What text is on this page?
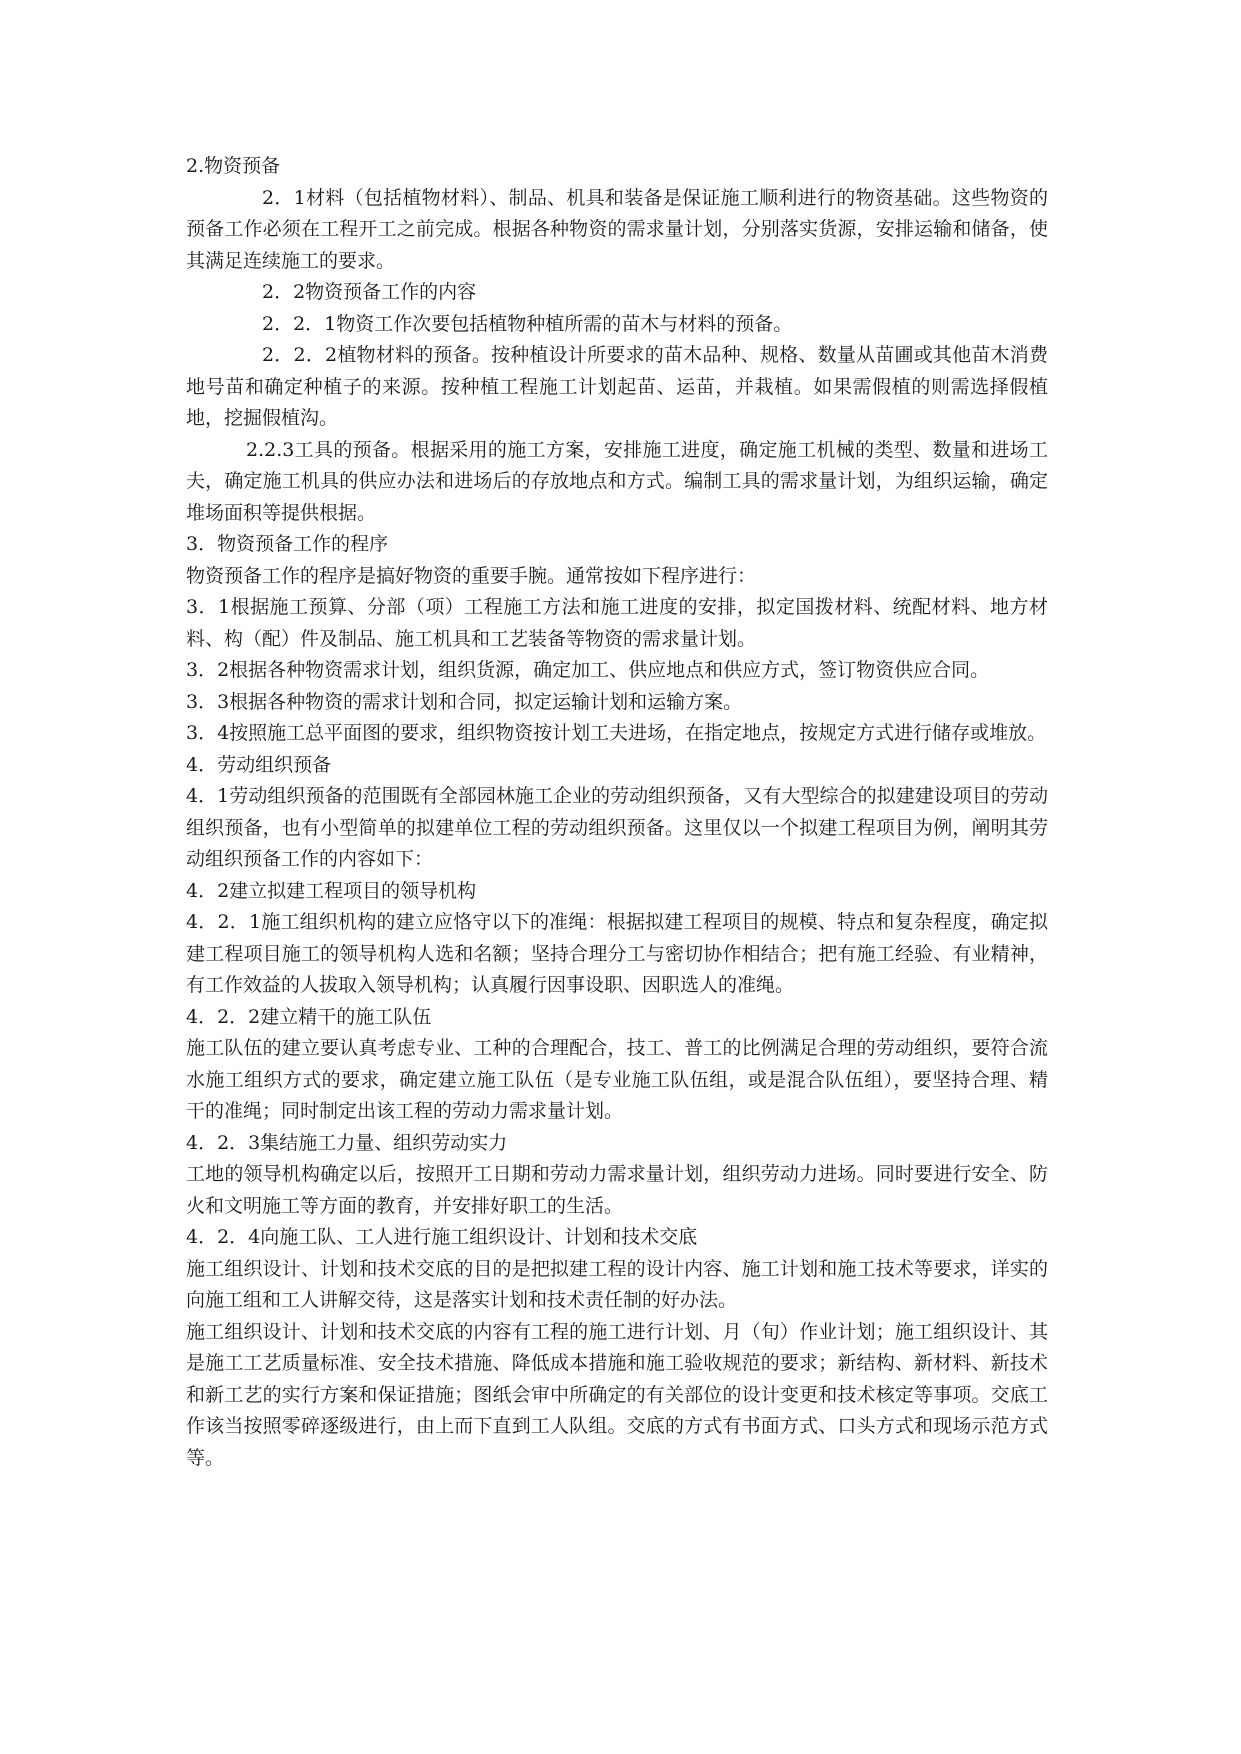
2.物资预备

2．1材料（包括植物材料）、制品、机具和装备是保证施工顺利进行的物资基础。这些物资的预备工作必须在工程开工之前完成。根据各种物资的需求量计划，分别落实货源，安排运输和储备，使其满足连续施工的要求。

2．2物资预备工作的内容

2．2．1物资工作次要包括植物种植所需的苗木与材料的预备。

2．2．2植物材料的预备。按种植设计所要求的苗木品种、规格、数量从苗圃或其他苗木消费地号苗和确定种植子的来源。按种植工程施工计划起苗、运苗，并栽植。如果需假植的则需选择假植地，挖掘假植沟。

2.2.3工具的预备。根据采用的施工方案，安排施工进度，确定施工机械的类型、数量和进场工夫，确定施工机具的供应办法和进场后的存放地点和方式。编制工具的需求量计划，为组织运输，确定堆场面积等提供根据。

3．物资预备工作的程序

物资预备工作的程序是搞好物资的重要手腕。通常按如下程序进行：

3．1根据施工预算、分部（项）工程施工方法和施工进度的安排，拟定国拨材料、统配材料、地方材料、构（配）件及制品、施工机具和工艺装备等物资的需求量计划。

3．2根据各种物资需求计划，组织货源，确定加工、供应地点和供应方式，签订物资供应合同。

3．3根据各种物资的需求计划和合同，拟定运输计划和运输方案。

3．4按照施工总平面图的要求，组织物资按计划工夫进场，在指定地点，按规定方式进行储存或堆放。

4．劳动组织预备

4．1劳动组织预备的范围既有全部园林施工企业的劳动组织预备，又有大型综合的拟建建设项目的劳动组织预备，也有小型简单的拟建单位工程的劳动组织预备。这里仅以一个拟建工程项目为例，阐明其劳动组织预备工作的内容如下：

4．2建立拟建工程项目的领导机构

4．2．1施工组织机构的建立应恪守以下的准绳：根据拟建工程项目的规模、特点和复杂程度，确定拟建工程项目施工的领导机构人选和名额；坚持合理分工与密切协作相结合；把有施工经验、有业精神，有工作效益的人拔取入领导机构；认真履行因事设职、因职选人的准绳。

4．2．2建立精干的施工队伍

施工队伍的建立要认真考虑专业、工种的合理配合，技工、普工的比例满足合理的劳动组织，要符合流水施工组织方式的要求，确定建立施工队伍（是专业施工队伍组，或是混合队伍组），要坚持合理、精干的准绳；同时制定出该工程的劳动力需求量计划。

4．2．3集结施工力量、组织劳动实力

工地的领导机构确定以后，按照开工日期和劳动力需求量计划，组织劳动力进场。同时要进行安全、防火和文明施工等方面的教育，并安排好职工的生活。

4．2．4向施工队、工人进行施工组织设计、计划和技术交底

施工组织设计、计划和技术交底的目的是把拟建工程的设计内容、施工计划和施工技术等要求，详实的向施工组和工人讲解交待，这是落实计划和技术责任制的好办法。

施工组织设计、计划和技术交底的内容有工程的施工进行计划、月（旬）作业计划；施工组织设计、其是施工工艺质量标准、安全技术措施、降低成本措施和施工验收规范的要求；新结构、新材料、新技术和新工艺的实行方案和保证措施；图纸会审中所确定的有关部位的设计变更和技术核定等事项。交底工作该当按照零碎逐级进行，由上而下直到工人队组。交底的方式有书面方式、口头方式和现场示范方式等。
